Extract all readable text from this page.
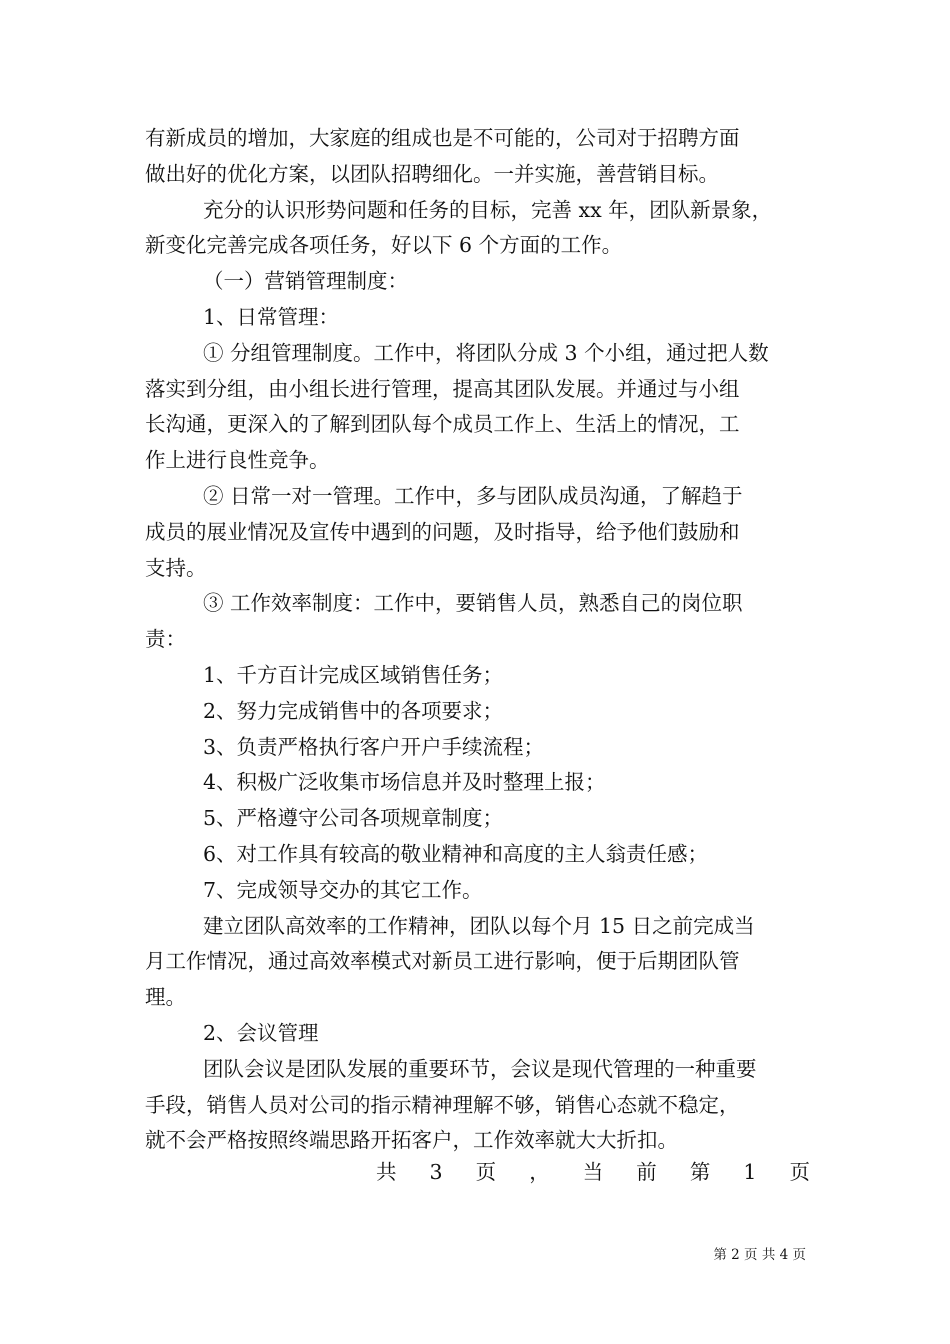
有新成员的增加，大家庭的组成也是不可能的，公司对于招聘方面
做出好的优化方案，以团队招聘细化。一并实施，善营销目标。
充分的认识形势问题和任务的目标，完善 xx 年，团队新景象，
新变化完善完成各项任务，好以下 6 个方面的工作。
（一）营销管理制度：
1、日常管理：
① 分组管理制度。工作中，将团队分成 3 个小组，通过把人数
落实到分组，由小组长进行管理，提高其团队发展。并通过与小组
长沟通，更深入的了解到团队每个成员工作上、生活上的情况，工
作上进行良性竞争。
② 日常一对一管理。工作中，多与团队成员沟通，了解趋于
成员的展业情况及宣传中遇到的问题，及时指导，给予他们鼓励和
支持。
③ 工作效率制度：工作中，要销售人员，熟悉自己的岗位职
责：
1、千方百计完成区域销售任务；
2、努力完成销售中的各项要求；
3、负责严格执行客户开户手续流程；
4、积极广泛收集市场信息并及时整理上报；
5、严格遵守公司各项规章制度；
6、对工作具有较高的敬业精神和高度的主人翁责任感；
7、完成领导交办的其它工作。
建立团队高效率的工作精神，团队以每个月 15 日之前完成当
月工作情况，通过高效率模式对新员工进行影响，便于后期团队管
理。
2、会议管理
团队会议是团队发展的重要环节，会议是现代管理的一种重要
手段，销售人员对公司的指示精神理解不够，销售心态就不稳定，
就不会严格按照终端思路开拓客户，工作效率就大大折扣。
共 3 页 ， 当 前 第 1 页
第 2 页 共 4 页
